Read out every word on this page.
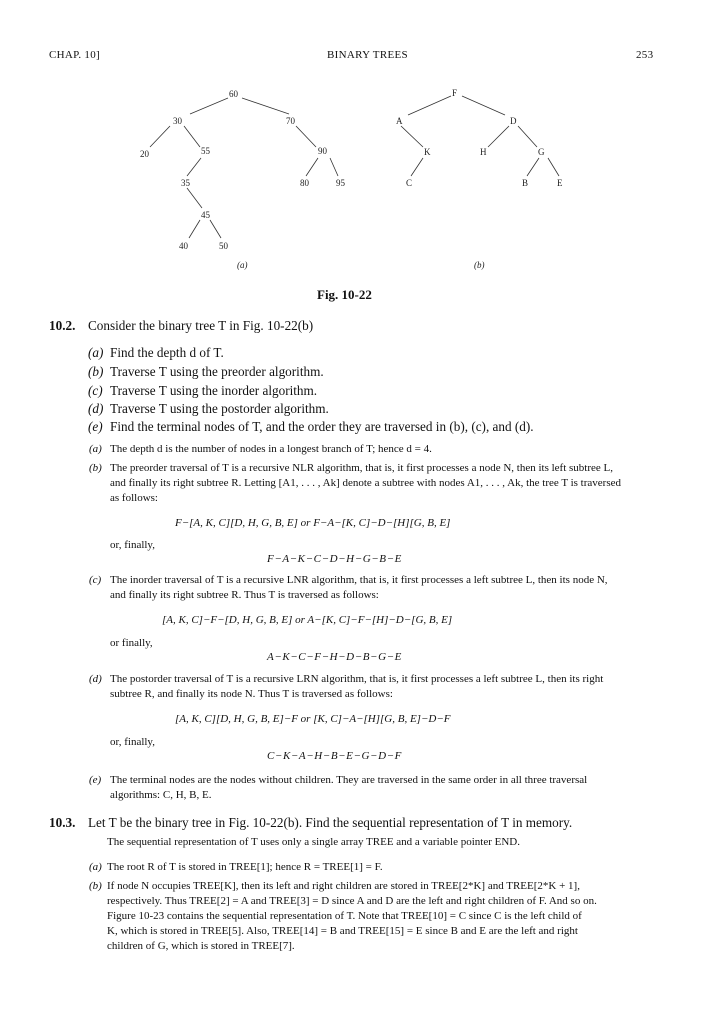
CHAP. 10]	BINARY TREES	253
60
30	70
20	55	90
35	80	95
45
40	50
(a)
F
A	D
K	H	G
C	B	E
(b)
Fig. 10-22
10.2. Consider the binary tree T in Fig. 10-22(b)
(a) Find the depth d of T.
(b) Traverse T using the preorder algorithm.
(c) Traverse T using the inorder algorithm.
(d) Traverse T using the postorder algorithm.
(e) Find the terminal nodes of T, and the order they are traversed in (b), (c), and (d).
(a) The depth d is the number of nodes in a longest branch of T; hence d = 4.
(b) The preorder traversal of T is a recursive NLR algorithm, that is, it first processes a node N, then its left subtree L,
and finally its right subtree R. Letting [A1, . . . , Ak] denote a subtree with nodes A1, . . . , Ak, the tree T is traversed
as follows:
F−[A, K, C][D, H, G, B, E] or F−A−[K, C]−D−[H][G, B, E]
or, finally,
F−A−K−C−D−H−G−B−E
(c) The inorder traversal of T is a recursive LNR algorithm, that is, it first processes a left subtree L, then its node N,
and finally its right subtree R. Thus T is traversed as follows:
[A, K, C]−F−[D, H, G, B, E] or A−[K, C]−F−[H]−D−[G, B, E]
or finally,
A−K−C−F−H−D−B−G−E
(d) The postorder traversal of T is a recursive LRN algorithm, that is, it first processes a left subtree L, then its right
subtree R, and finally its node N. Thus T is traversed as follows:
[A, K, C][D, H, G, B, E]−F or [K, C]−A−[H][G, B, E]−D−F
or, finally,
C−K−A−H−B−E−G−D−F
(e) The terminal nodes are the nodes without children. They are traversed in the same order in all three traversal
algorithms: C, H, B, E.
10.3. Let T be the binary tree in Fig. 10-22(b). Find the sequential representation of T in memory.
The sequential representation of T uses only a single array TREE and a variable pointer END.
(a) The root R of T is stored in TREE[1]; hence R = TREE[1] = F.
(b) If node N occupies TREE[K], then its left and right children are stored in TREE[2*K] and TREE[2*K + 1],
respectively. Thus TREE[2] = A and TREE[3] = D since A and D are the left and right children of F. And so on.
Figure 10-23 contains the sequential representation of T. Note that TREE[10] = C since C is the left child of
K, which is stored in TREE[5]. Also, TREE[14] = B and TREE[15] = E since B and E are the left and right
children of G, which is stored in TREE[7].
